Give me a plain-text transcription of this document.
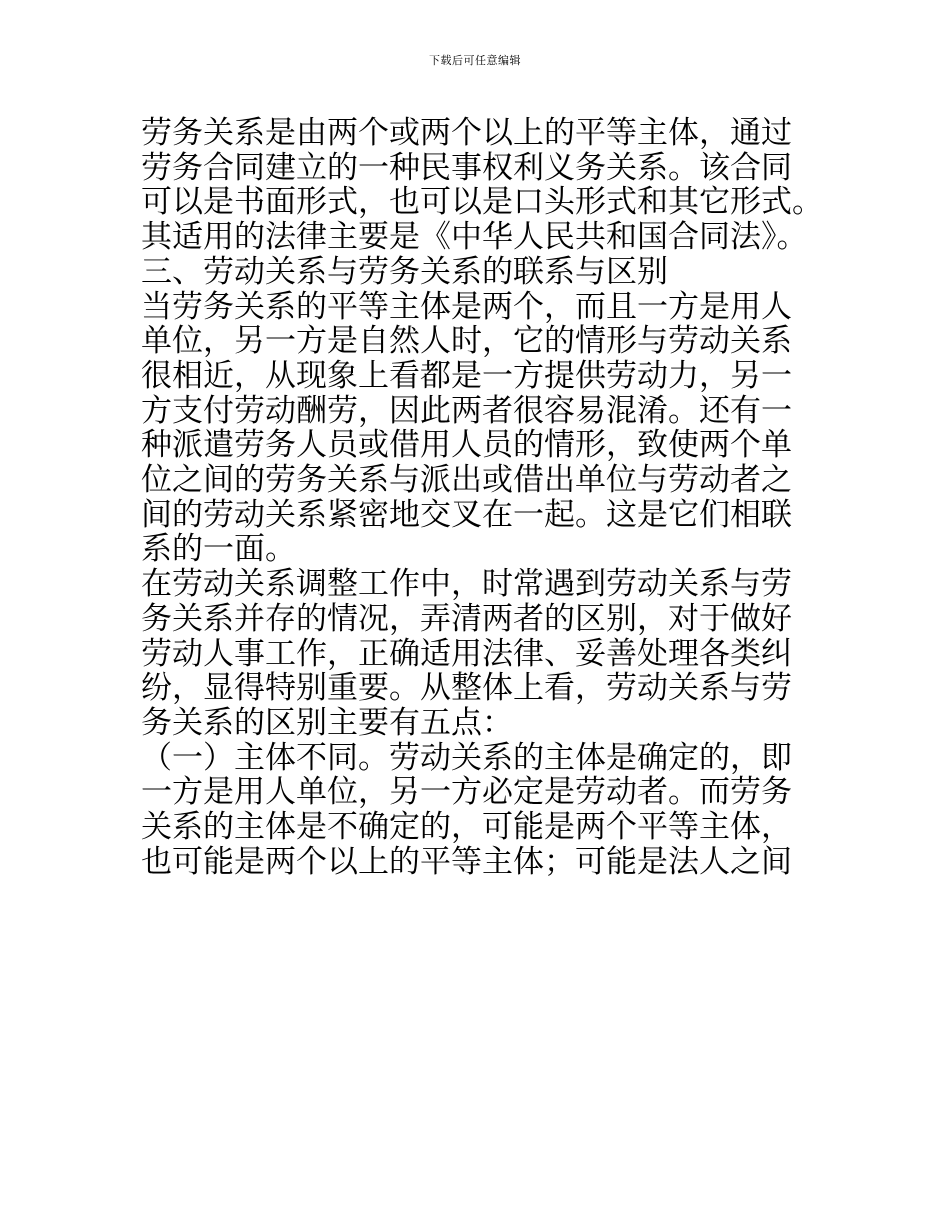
下载后可任意编辑
劳务关系是由两个或两个以上的平等主体，通过
劳务合同建立的一种民事权利义务关系。该合同
可以是书面形式，也可以是口头形式和其它形式。
其适用的法律主要是《中华人民共和国合同法》。
三、劳动关系与劳务关系的联系与区别
当劳务关系的平等主体是两个，而且一方是用人
单位，另一方是自然人时，它的情形与劳动关系
很相近，从现象上看都是一方提供劳动力，另一
方支付劳动酬劳，因此两者很容易混淆。还有一
种派遣劳务人员或借用人员的情形，致使两个单
位之间的劳务关系与派出或借出单位与劳动者之
间的劳动关系紧密地交叉在一起。这是它们相联
系的一面。
在劳动关系调整工作中，时常遇到劳动关系与劳
务关系并存的情况，弄清两者的区别，对于做好
劳动人事工作，正确适用法律、妥善处理各类纠
纷，显得特别重要。从整体上看，劳动关系与劳
务关系的区别主要有五点：
（一）主体不同。劳动关系的主体是确定的，即
一方是用人单位，另一方必定是劳动者。而劳务
关系的主体是不确定的，可能是两个平等主体，
也可能是两个以上的平等主体；可能是法人之间
